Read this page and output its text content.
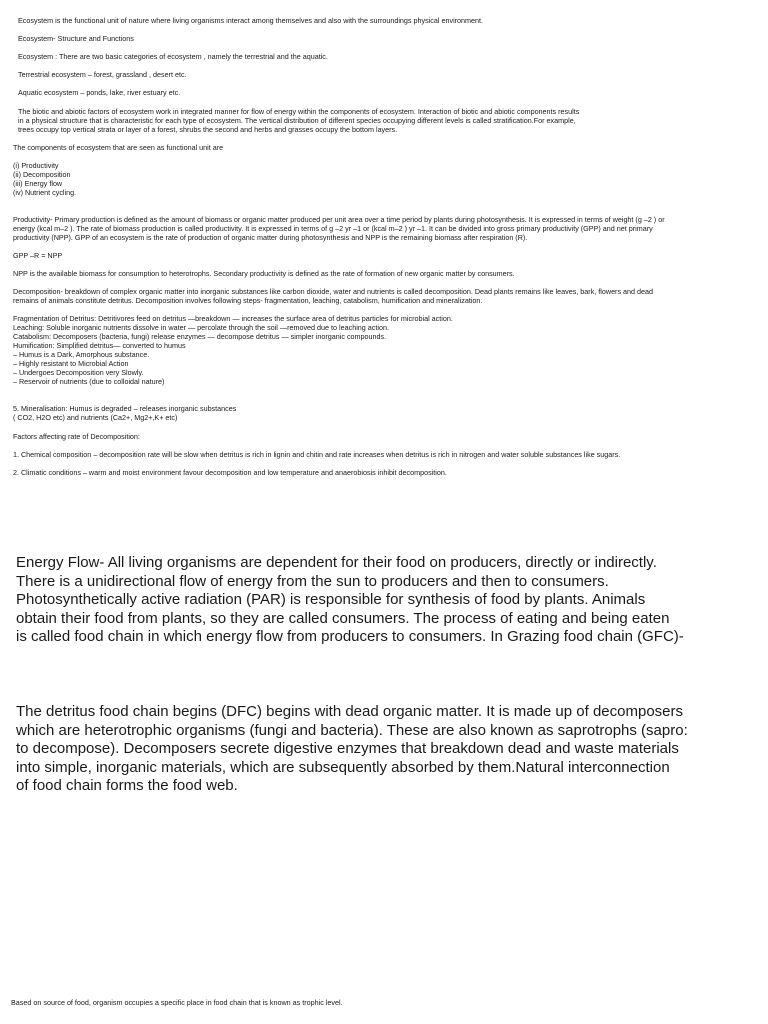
Ecosystem is the functional unit of nature where living organisms interact among themselves and also with the surroundings physical environment.

Ecosystem- Structure and Functions

Ecosystem : There are two basic categories of ecosystem , namely the terrestrial and the aquatic.

Terrestrial ecosystem – forest, grassland , desert etc.

Aquatic ecosystem – ponds, lake, river estuary etc.

The biotic and abiotic factors of ecosystem work in integrated manner for flow of energy within the components of ecosystem. Interaction of biotic and abiotic components results
in a physical structure that is characteristic for each type of ecosystem. The vertical distribution of different species occupying different levels is called stratification.For example,
trees occupy top vertical strata or layer of a forest, shrubs the second and herbs and grasses occupy the bottom layers.

The components of ecosystem that are seen as functional unit are

(i) Productivity
(ii) Decomposition
(iii) Energy flow
(iv) Nutrient cycling.

Productivity- Primary production is defined as the amount of biomass or organic matter produced per unit area over a time period by plants during photosynthesis. It is expressed in terms of weight (g –2 ) or
energy (kcal m–2 ). The rate of biomass production is called productivity. It is expressed in terms of g –2 yr –1 or (kcal m–2 ) yr –1. It can be divided into gross primary productivity (GPP) and net primary
productivity (NPP). GPP of an ecosystem is the rate of production of organic matter during photosynthesis and NPP is the remaining biomass after respiration (R).

GPP –R = NPP

NPP is the available biomass for consumption to heterotrophs. Secondary productivity is defined as the rate of formation of new organic matter by consumers.

Decomposition- breakdown of complex organic matter into inorganic substances like carbon dioxide, water and nutrients is called decomposition. Dead plants remains like leaves, bark, flowers and dead
remains of animals constitute detritus. Decomposition involves following steps- fragmentation, leaching, catabolism, humification and mineralization.

Fragmentation of Detritus: Detritivores feed on detritus —breakdown — increases the surface area of detritus particles for microbial action.
Leaching: Soluble inorganic nutrients dissolve in water — percolate through the soil —removed due to leaching action.
Catabolism: Decomposers (bacteria, fungi) release enzymes — decompose detritus — simpler inorganic compounds.
Humification: Simplified detritus— converted to humus
– Humus is a Dark, Amorphous substance.
– Highly resistant to Microbial Action
– Undergoes Decomposition very Slowly.
– Reservoir of nutrients (due to colloidal nature)

5. Mineralisation: Humus is degraded – releases inorganic substances
( CO2, H2O etc) and nutrients (Ca2+, Mg2+,K+ etc)

Factors affecting rate of Decomposition:

1. Chemical composition – decomposition rate will be slow when detritus is rich in lignin and chitin and rate increases when detritus is rich in nitrogen and water soluble substances like sugars.

2. Climatic conditions – warm and moist environment favour decomposition and low temperature and anaerobiosis inhibit decomposition.

Energy Flow- All living organisms are dependent for their food on producers, directly or indirectly.
There is a unidirectional flow of energy from the sun to producers and then to consumers.
Photosynthetically active radiation (PAR) is responsible for synthesis of food by plants. Animals
obtain their food from plants, so they are called consumers. The process of eating and being eaten
is called food chain in which energy flow from producers to consumers. In Grazing food chain (GFC)-

The detritus food chain begins (DFC) begins with dead organic matter. It is made up of decomposers
which are heterotrophic organisms (fungi and bacteria). These are also known as saprotrophs (sapro:
to decompose). Decomposers secrete digestive enzymes that breakdown dead and waste materials
into simple, inorganic materials, which are subsequently absorbed by them.Natural interconnection
of food chain forms the food web.

Based on source of food, organism occupies a specific place in food chain that is known as trophic level.
